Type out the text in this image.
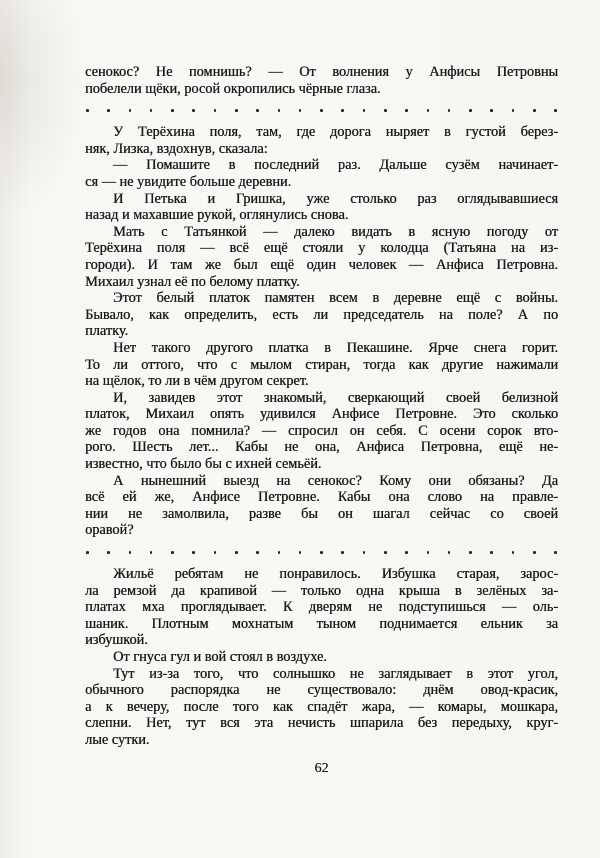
сенокос? Не помнишь? — От волнения у Анфисы Петровны
побелели щёки, росой окропились чёрные глаза.

У Терёхина поля, там, где дорога ныряет в густой берез-
няк, Лизка, вздохнув, сказала:

— Помашите в последний раз. Дальше сузём начинает-
ся — не увидите больше деревни.

И Петька и Гришка, уже столько раз оглядывавшиеся
назад и махавшие рукой, оглянулись снова.

Мать с Татьянкой — далеко видать в ясную погоду от
Терёхина поля — всё ещё стояли у колодца (Татьяна на из-
городи). И там же был ещё один человек — Анфиса Петровна.
Михаил узнал её по белому платку.

Этот белый платок памятен всем в деревне ещё с войны.
Бывало, как определить, есть ли председатель на поле? А по
платку.

Нет такого другого платка в Пекашине. Ярче снега горит.
То ли оттого, что с мылом стиран, тогда как другие нажимали
на щёлок, то ли в чём другом секрет.

И, завидев этот знакомый, сверкающий своей белизной
платок, Михаил опять удивился Анфисе Петровне. Это сколько
же годов она помнила? — спросил он себя. С осени сорок вто-
рого. Шесть лет... Кабы не она, Анфиса Петровна, ещё не-
известно, что было бы с ихней семьёй.

А нынешний выезд на сенокос? Кому они обязаны? Да
всё ей же, Анфисе Петровне. Кабы она слово на правле-
нии не замолвила, разве бы он шагал сейчас со своей
оравой?

Жильё ребятам не понравилось. Избушка старая, зарос-
ла ремзой да крапивой — только одна крыша в зелёных за-
платах мха проглядывает. К дверям не подступишься — оль-
шаник. Плотным мохнатым тыном поднимается ельник за
избушкой.

От гнуса гул и вой стоял в воздухе.

Тут из-за того, что солнышко не заглядывает в этот угол,
обычного распорядка не существовало: днём овод-красик,
а к вечеру, после того как спадёт жара, — комары, мошкара,
слепни. Нет, тут вся эта нечисть шпарила без передыху, круг-
лые сутки.

62
